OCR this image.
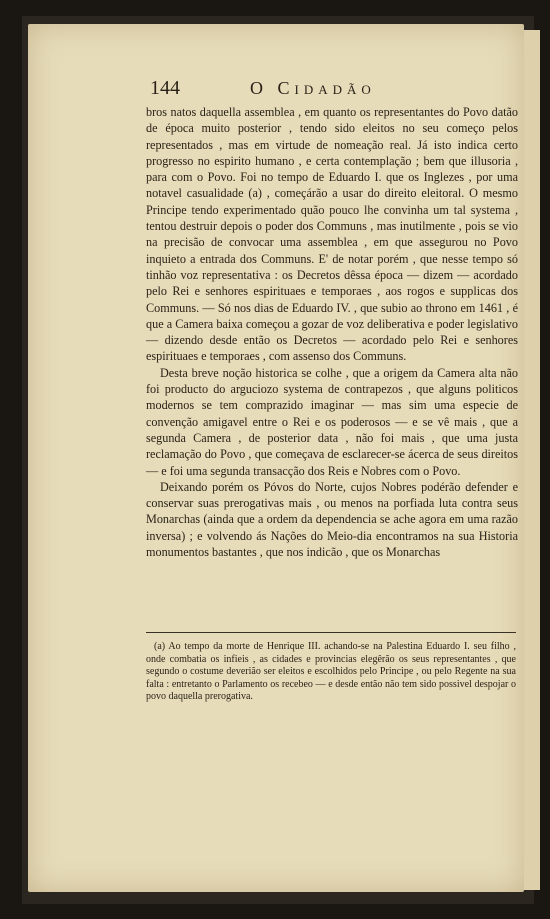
144	O Cidadão

bros natos daquella assemblea , em quanto os representantes do Povo datão de época muito posterior , tendo sido eleitos no seu começo pelos representados , mas em virtude de nomeação real. Já isto indica certo progresso no espirito humano , e certa contemplação ; bem que illusoria , para com o Povo. Foi no tempo de Eduardo I. que os Inglezes , por uma notavel casualidade (a) , começárão a usar do direito eleitoral. O mesmo Principe tendo experimentado quão pouco lhe convinha um tal systema , tentou destruir depois o poder dos Communs , mas inutilmente , pois se vio na precisão de convocar uma assemblea , em que assegurou no Povo inquieto a entrada dos Communs. E' de notar porém , que nesse tempo só tinhão voz representativa : os Decretos dêssa época — dizem — acordado pelo Rei e senhores espirituaes e temporaes , aos rogos e supplicas dos Communs. — Só nos dias de Eduardo IV. , que subio ao throno em 1461 , é que a Camera baixa começou a gozar de voz deliberativa e poder legislativo — dizendo desde então os Decretos — acordado pelo Rei e senhores espirituaes e temporaes , com assenso dos Communs.

Desta breve noção historica se colhe , que a origem da Camera alta não foi producto do arguciozo systema de contrapezos , que alguns politicos modernos se tem comprazido imaginar — mas sim uma especie de convenção amigavel entre o Rei e os poderosos — e se vê mais , que a segunda Camera , de posterior data , não foi mais , que uma justa reclamação do Povo , que começava de esclarecer-se ácerca de seus direitos — e foi uma segunda transacção dos Reis e Nobres com o Povo.

Deixando porém os Póvos do Norte, cujos Nobres podérão defender e conservar suas prerogativas mais , ou menos na porfiada luta contra seus Monarchas (ainda que a ordem da dependencia se ache agora em uma razão inversa) ; e volvendo ás Nações do Meio-dia encontramos na sua Historia monumentos bastantes , que nos indicão , que os Monarchas

(a) Ao tempo da morte de Henrique III. achando-se na Palestina Eduardo I. seu filho , onde combatia os infieis , as cidades e provincias elegêrão os seus representantes , que segundo o costume deverião ser eleitos e escolhidos pelo Principe , ou pelo Regente na sua falta : entretanto o Parlamento os recebeo — e desde então não tem sido possivel despojar o povo daquella prerogativa.
